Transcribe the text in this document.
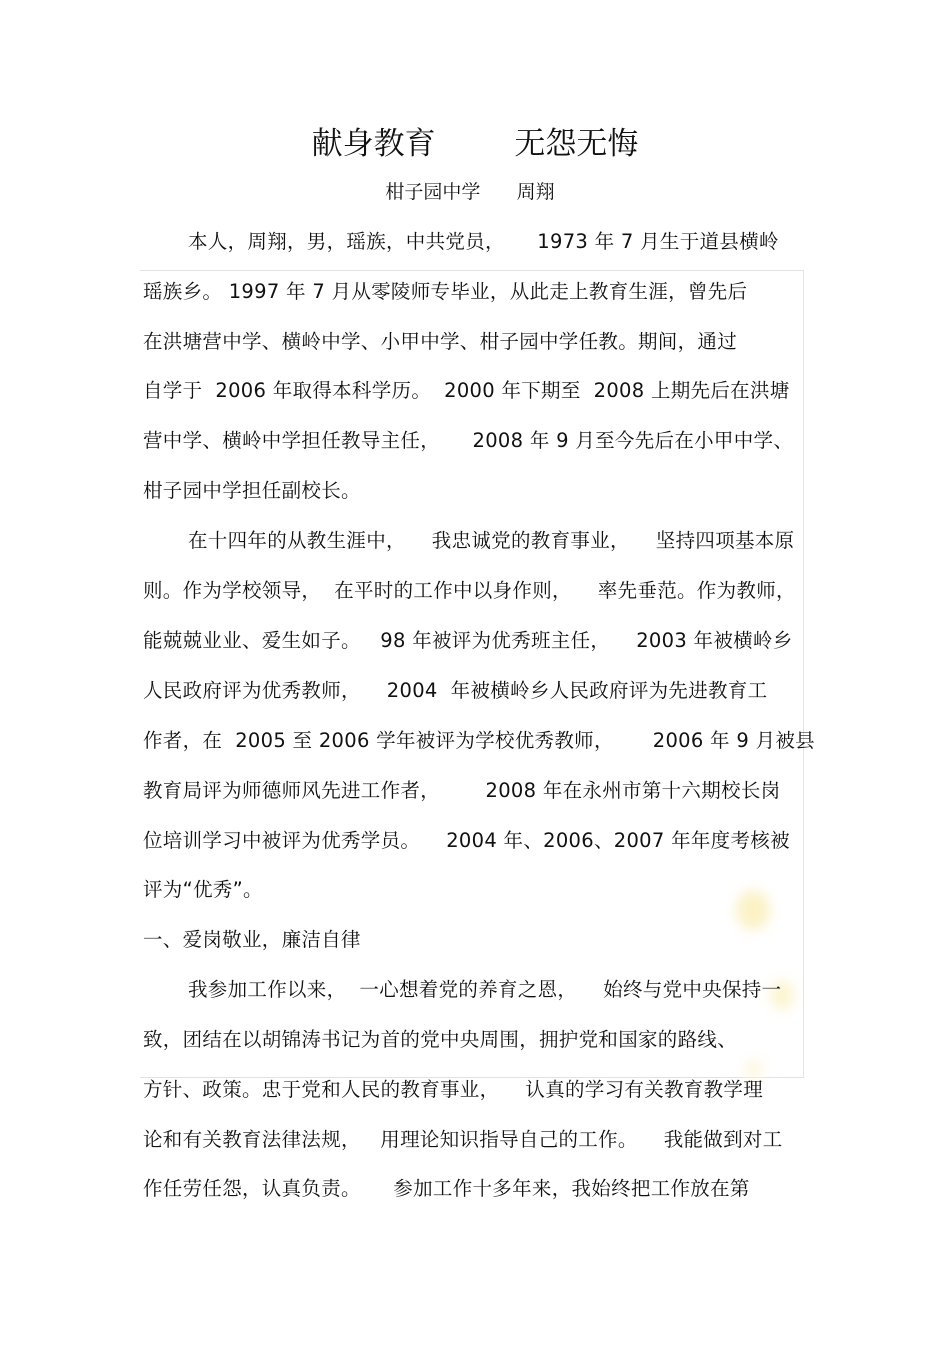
献身教育        无怨无悔
柑子园中学      周翔
本人，周翔，男，瑶族，中共党员，     1973 年 7 月生于道县横岭
瑶族乡。 1997 年 7 月从零陵师专毕业，从此走上教育生涯，曾先后
在洪塘营中学、横岭中学、小甲中学、柑子园中学任教。期间，通过
自学于  2006 年取得本科学历。  2000 年下期至  2008 上期先后在洪塘
营中学、横岭中学担任教导主任，     2008 年 9 月至今先后在小甲中学、
柑子园中学担任副校长。
在十四年的从教生涯中，    我忠诚党的教育事业，    坚持四项基本原
则。作为学校领导，  在平时的工作中以身作则，    率先垂范。作为教师，
能兢兢业业、爱生如子。   98 年被评为优秀班主任，    2003 年被横岭乡
人民政府评为优秀教师，    2004  年被横岭乡人民政府评为先进教育工
作者，在  2005 至 2006 学年被评为学校优秀教师，      2006 年 9 月被县
教育局评为师德师风先进工作者，       2008 年在永州市第十六期校长岗
位培训学习中被评为优秀学员。    2004 年、2006、2007 年年度考核被
评为“优秀”。
一、爱岗敬业，廉洁自律
我参加工作以来，  一心想着党的养育之恩，    始终与党中央保持一
致，团结在以胡锦涛书记为首的党中央周围，拥护党和国家的路线、
方针、政策。忠于党和人民的教育事业，    认真的学习有关教育教学理
论和有关教育法律法规，   用理论知识指导自己的工作。    我能做到对工
作任劳任怨，认真负责。     参加工作十多年来，我始终把工作放在第
